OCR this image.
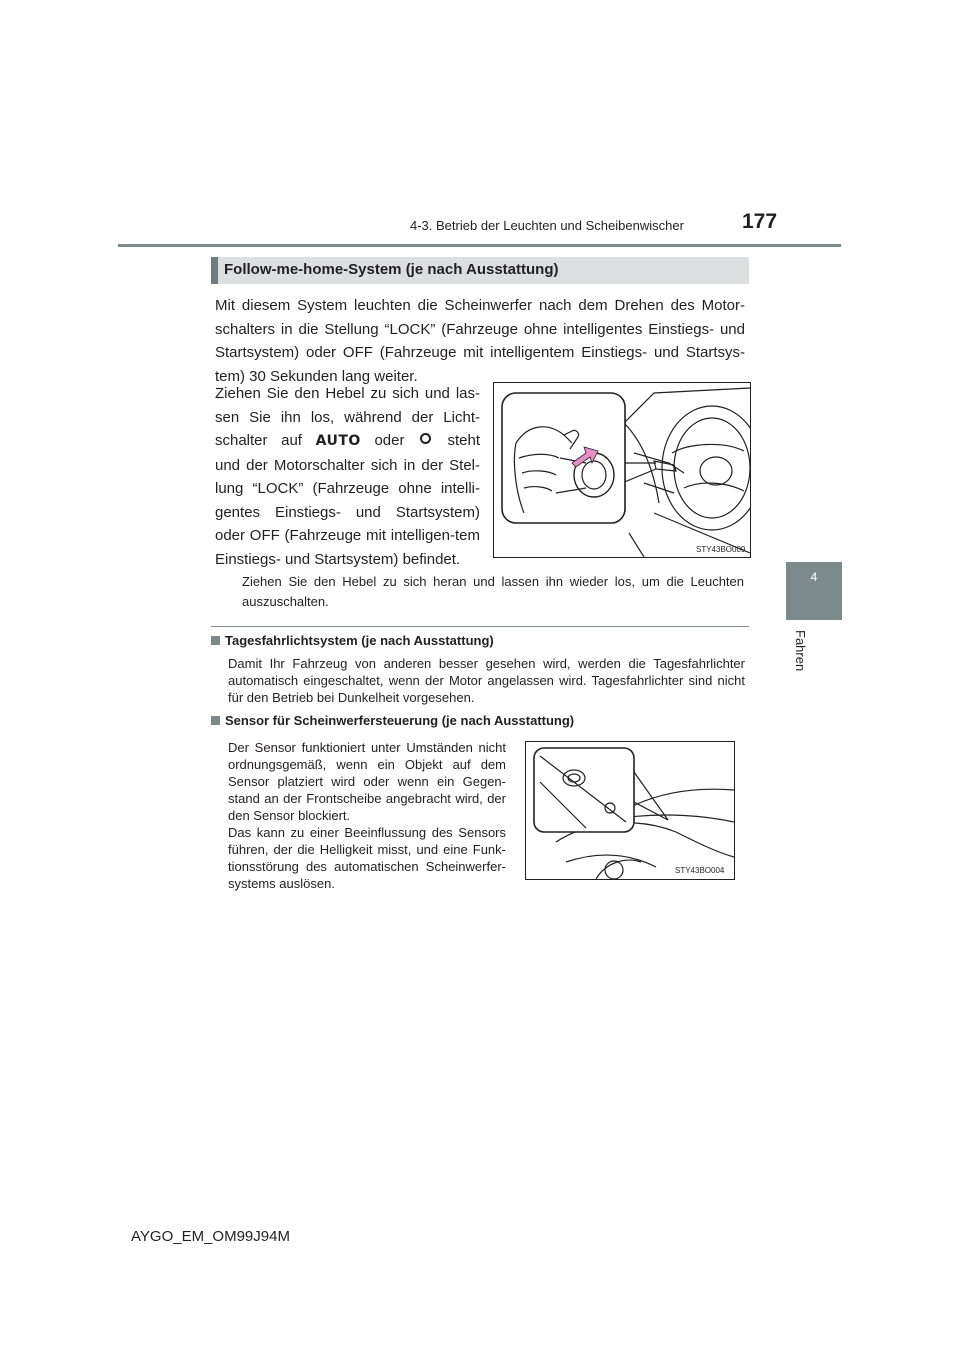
4-3. Betrieb der Leuchten und Scheibenwischer	177
4
Fahren
Follow-me-home-System (je nach Ausstattung)
Mit diesem System leuchten die Scheinwerfer nach dem Drehen des Motor-schalters in die Stellung “LOCK” (Fahrzeuge ohne intelligentes Einstiegs- und Startsystem) oder OFF (Fahrzeuge mit intelligentem Einstiegs- und Startsys-tem) 30 Sekunden lang weiter.
Ziehen Sie den Hebel zu sich und las-sen Sie ihn los, während der Licht-schalter auf AUTO oder	steht und der Motorschalter sich in der Stel-lung “LOCK” (Fahrzeuge ohne intelli-gentes Einstiegs- und Startsystem) oder OFF (Fahrzeuge mit intelligen-tem Einstiegs- und Startsystem) befindet.
STY43BO009
Ziehen Sie den Hebel zu sich heran und lassen ihn wieder los, um die Leuchten auszuschalten.
Tagesfahrlichtsystem (je nach Ausstattung)
Damit Ihr Fahrzeug von anderen besser gesehen wird, werden die Tagesfahrlichter automatisch eingeschaltet, wenn der Motor angelassen wird. Tagesfahrlichter sind nicht für den Betrieb bei Dunkelheit vorgesehen.
Sensor für Scheinwerfersteuerung (je nach Ausstattung)
Der Sensor funktioniert unter Umständen nicht ordnungsgemäß, wenn ein Objekt auf dem Sensor platziert wird oder wenn ein Gegen-stand an der Frontscheibe angebracht wird, der den Sensor blockiert.
Das kann zu einer Beeinflussung des Sensors führen, der die Helligkeit misst, und eine Funk-tionsstörung des automatischen Scheinwerfer-systems auslösen.
STY43BO004
AYGO_EM_OM99J94M
